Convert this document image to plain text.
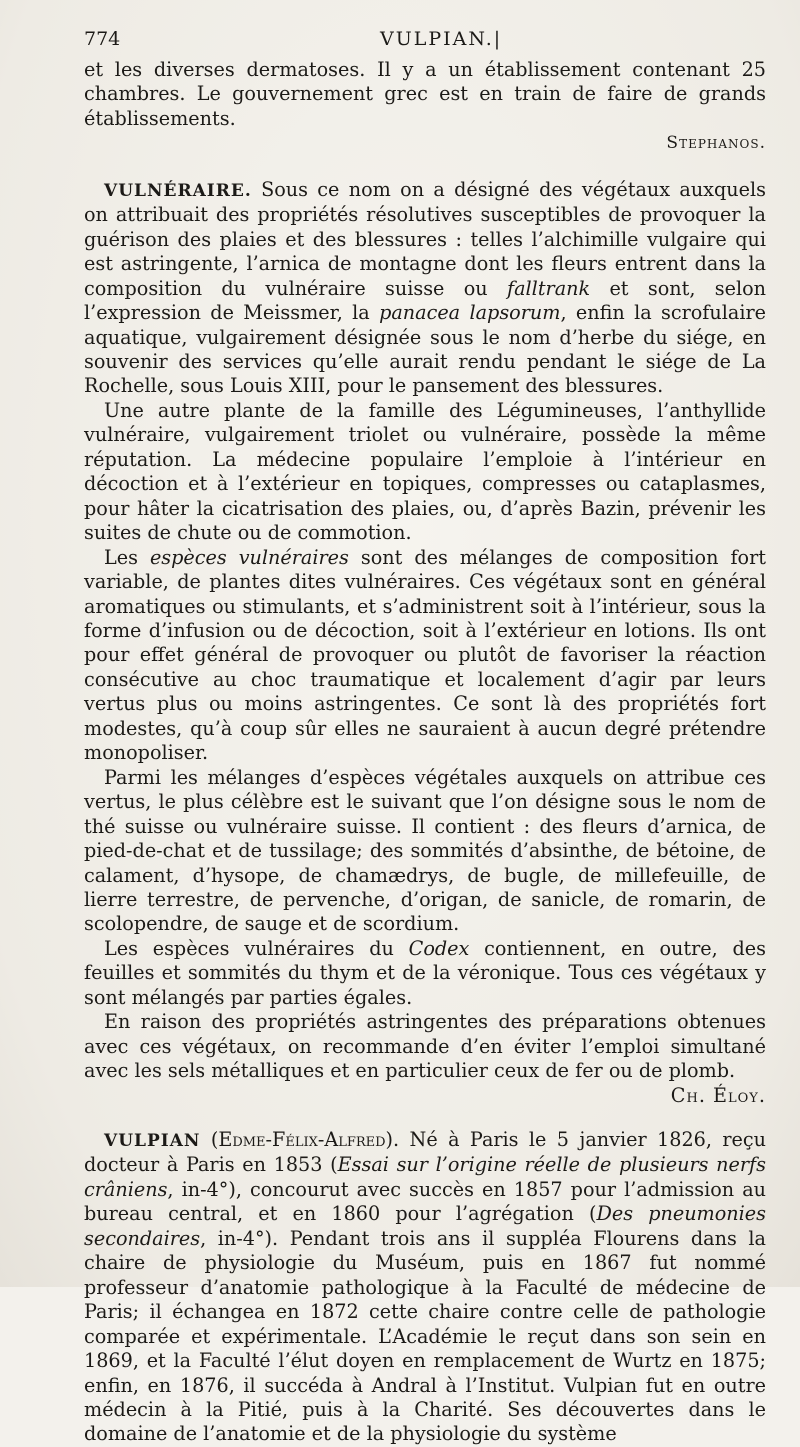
774	VULPIAN.|

et les diverses dermatoses. Il y a un établissement contenant 25 chambres. Le gouvernement grec est en train de faire de grands établissements.

Stephanos.

VULNÉRAIRE. Sous ce nom on a désigné des végétaux auxquels on attribuait des propriétés résolutives susceptibles de provoquer la guérison des plaies et des blessures : telles l’alchimille vulgaire qui est astringente, l’arnica de montagne dont les fleurs entrent dans la composition du vulnéraire suisse ou falltrank et sont, selon l’expression de Meissmer, la panacea lapsorum, enfin la scrofulaire aquatique, vulgairement désignée sous le nom d’herbe du siége, en souvenir des services qu’elle aurait rendu pendant le siége de La Rochelle, sous Louis XIII, pour le pansement des blessures.

Une autre plante de la famille des Légumineuses, l’anthyllide vulnéraire, vulgairement triolet ou vulnéraire, possède la même réputation. La médecine populaire l’emploie à l’intérieur en décoction et à l’extérieur en topiques, compresses ou cataplasmes, pour hâter la cicatrisation des plaies, ou, d’après Bazin, prévenir les suites de chute ou de commotion.

Les espèces vulnéraires sont des mélanges de composition fort variable, de plantes dites vulnéraires. Ces végétaux sont en général aromatiques ou stimulants, et s’administrent soit à l’intérieur, sous la forme d’infusion ou de décoction, soit à l’extérieur en lotions. Ils ont pour effet général de provoquer ou plutôt de favoriser la réaction consécutive au choc traumatique et localement d’agir par leurs vertus plus ou moins astringentes. Ce sont là des propriétés fort modestes, qu’à coup sûr elles ne sauraient à aucun degré prétendre monopoliser.

Parmi les mélanges d’espèces végétales auxquels on attribue ces vertus, le plus célèbre est le suivant que l’on désigne sous le nom de thé suisse ou vulnéraire suisse. Il contient : des fleurs d’arnica, de pied-de-chat et de tussilage; des sommités d’absinthe, de bétoine, de calament, d’hysope, de chamædrys, de bugle, de millefeuille, de lierre terrestre, de pervenche, d’origan, de sanicle, de romarin, de scolopendre, de sauge et de scordium.

Les espèces vulnéraires du Codex contiennent, en outre, des feuilles et sommités du thym et de la véronique. Tous ces végétaux y sont mélangés par parties égales.

En raison des propriétés astringentes des préparations obtenues avec ces végétaux, on recommande d’en éviter l’emploi simultané avec les sels métalliques et en particulier ceux de fer ou de plomb.
Ch. Éloy.

VULPIAN (Edme-Félix-Alfred). Né à Paris le 5 janvier 1826, reçu docteur à Paris en 1853 (Essai sur l’origine réelle de plusieurs nerfs crâniens, in-4°), concourut avec succès en 1857 pour l’admission au bureau central, et en 1860 pour l’agrégation (Des pneumonies secondaires, in-4°). Pendant trois ans il suppléa Flourens dans la chaire de physiologie du Muséum, puis en 1867 fut nommé professeur d’anatomie pathologique à la Faculté de médecine de Paris; il échangea en 1872 cette chaire contre celle de pathologie comparée et expérimentale. L’Académie le reçut dans son sein en 1869, et la Faculté l’élut doyen en remplacement de Wurtz en 1875; enfin, en 1876, il succéda à Andral à l’Institut. Vulpian fut en outre médecin à la Pitié, puis à la Charité. Ses découvertes dans le domaine de l’anatomie et de la physiologie du système
